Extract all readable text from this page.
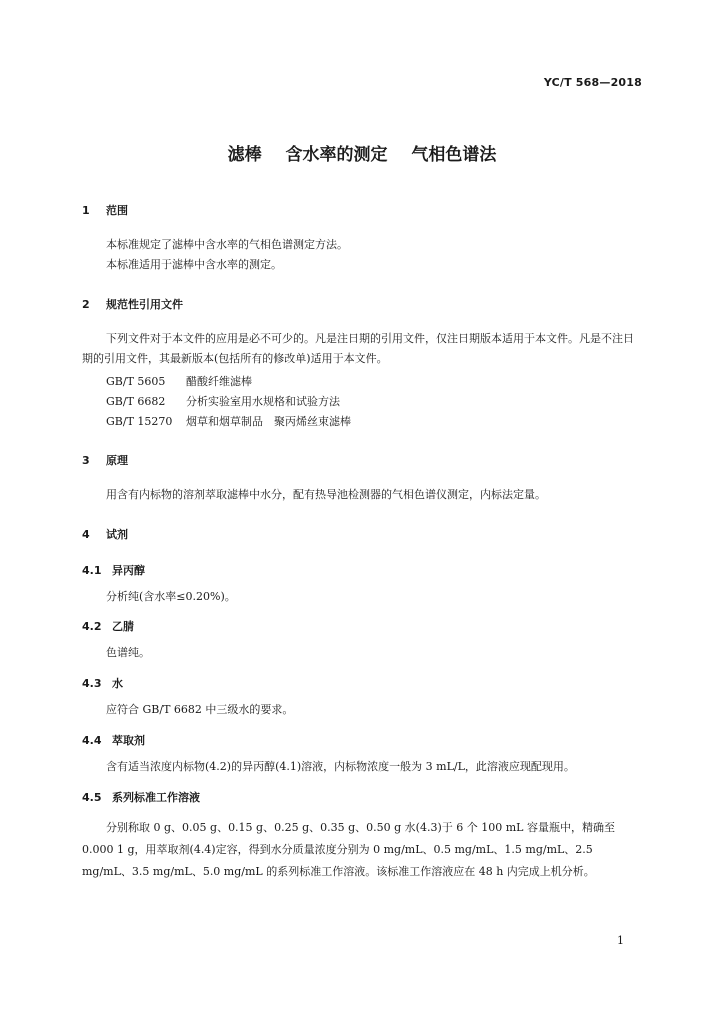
YC/T 568—2018
滤棒 含水率的测定 气相色谱法
1 范围
本标准规定了滤棒中含水率的气相色谱测定方法。
本标准适用于滤棒中含水率的测定。
2 规范性引用文件
下列文件对于本文件的应用是必不可少的。凡是注日期的引用文件，仅注日期版本适用于本文件。凡是不注日期的引用文件，其最新版本(包括所有的修改单)适用于本文件。
GB/T 5605 醋酸纤维滤棒
GB/T 6682 分析实验室用水规格和试验方法
GB/T 15270 烟草和烟草制品　聚丙烯丝束滤棒
3 原理
用含有内标物的溶剂萃取滤棒中水分，配有热导池检测器的气相色谱仪测定，内标法定量。
4 试剂
4.1 异丙醇
分析纯(含水率≤0.20%)。
4.2 乙腈
色谱纯。
4.3 水
应符合 GB/T 6682 中三级水的要求。
4.4 萃取剂
含有适当浓度内标物(4.2)的异丙醇(4.1)溶液，内标物浓度一般为 3 mL/L，此溶液应现配现用。
4.5 系列标准工作溶液
分别称取 0 g、0.05 g、0.15 g、0.25 g、0.35 g、0.50 g 水(4.3)于 6 个 100 mL 容量瓶中，精确至 0.000 1 g，用萃取剂(4.4)定容，得到水分质量浓度分别为 0 mg/mL、0.5 mg/mL、1.5 mg/mL、2.5 mg/mL、3.5 mg/mL、5.0 mg/mL 的系列标准工作溶液。该标准工作溶液应在 48 h 内完成上机分析。
1
